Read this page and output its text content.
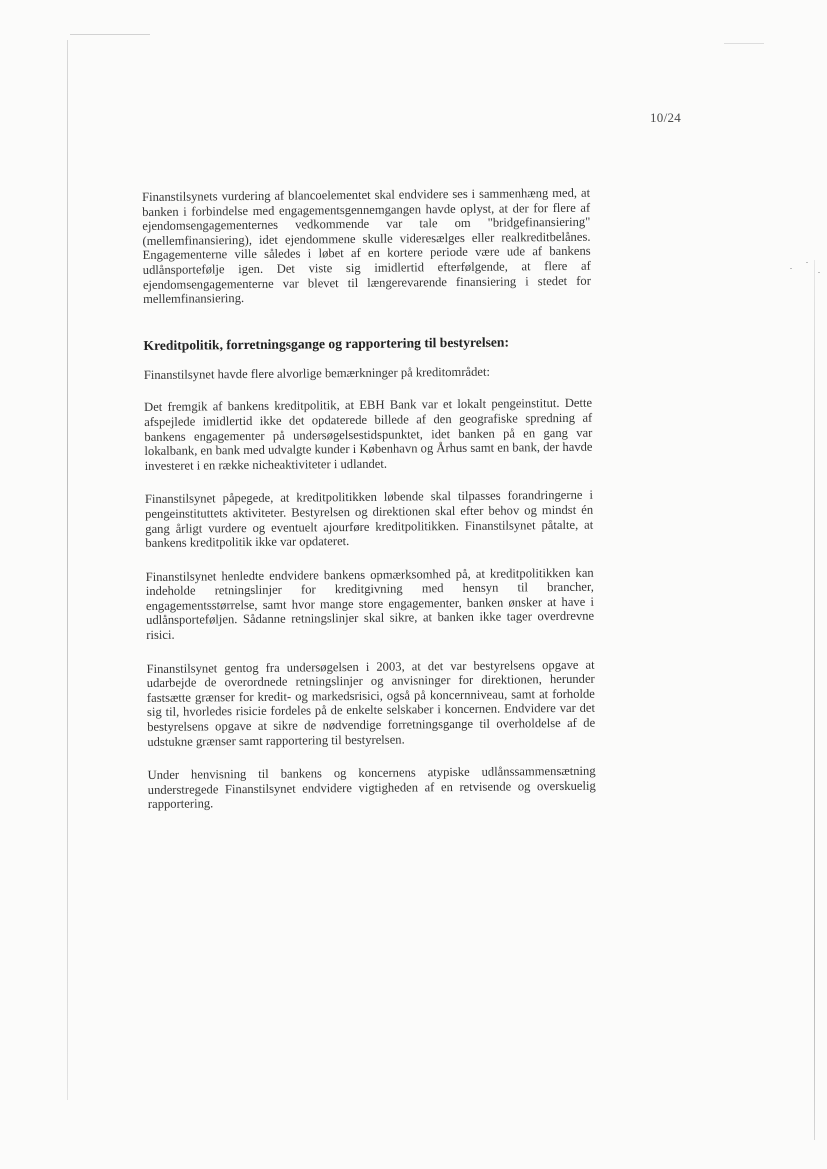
10/24

Finanstilsynets vurdering af blancoelementet skal endvidere ses i sammenhæng med, at banken i forbindelse med engagementsgennemgangen havde oplyst, at der for flere af ejendomsengagementernes vedkommende var tale om "bridgefinansiering" (mellemfinansiering), idet ejendommene skulle videresælges eller realkreditbelånes. Engagementerne ville således i løbet af en kortere periode være ude af bankens udlånsportefølje igen. Det viste sig imidlertid efterfølgende, at flere af ejendomsengagementerne var blevet til længerevarende finansiering i stedet for mellemfinansiering.

Kreditpolitik, forretningsgange og rapportering til bestyrelsen:

Finanstilsynet havde flere alvorlige bemærkninger på kreditområdet:

Det fremgik af bankens kreditpolitik, at EBH Bank var et lokalt pengeinstitut. Dette afspejlede imidlertid ikke det opdaterede billede af den geografiske spredning af bankens engagementer på undersøgelsestidspunktet, idet banken på en gang var lokalbank, en bank med udvalgte kunder i København og Århus samt en bank, der havde investeret i en række nicheaktiviteter i udlandet.

Finanstilsynet påpegede, at kreditpolitikken løbende skal tilpasses forandringerne i pengeinstituttets aktiviteter. Bestyrelsen og direktionen skal efter behov og mindst én gang årligt vurdere og eventuelt ajourføre kreditpolitikken. Finanstilsynet påtalte, at bankens kreditpolitik ikke var opdateret.

Finanstilsynet henledte endvidere bankens opmærksomhed på, at kreditpolitikken kan indeholde retningslinjer for kreditgivning med hensyn til brancher, engagementsstørrelse, samt hvor mange store engagementer, banken ønsker at have i udlånsporteføljen. Sådanne retningslinjer skal sikre, at banken ikke tager overdrevne risici.

Finanstilsynet gentog fra undersøgelsen i 2003, at det var bestyrelsens opgave at udarbejde de overordnede retningslinjer og anvisninger for direktionen, herunder fastsætte grænser for kredit- og markedsrisici, også på koncernniveau, samt at forholde sig til, hvorledes risicie fordeles på de enkelte selskaber i koncernen. Endvidere var det bestyrelsens opgave at sikre de nødvendige forretningsgange til overholdelse af de udstukne grænser samt rapportering til bestyrelsen.

Under henvisning til bankens og koncernens atypiske udlånssammensætning understregede Finanstilsynet endvidere vigtigheden af en retvisende og overskuelig rapportering.
